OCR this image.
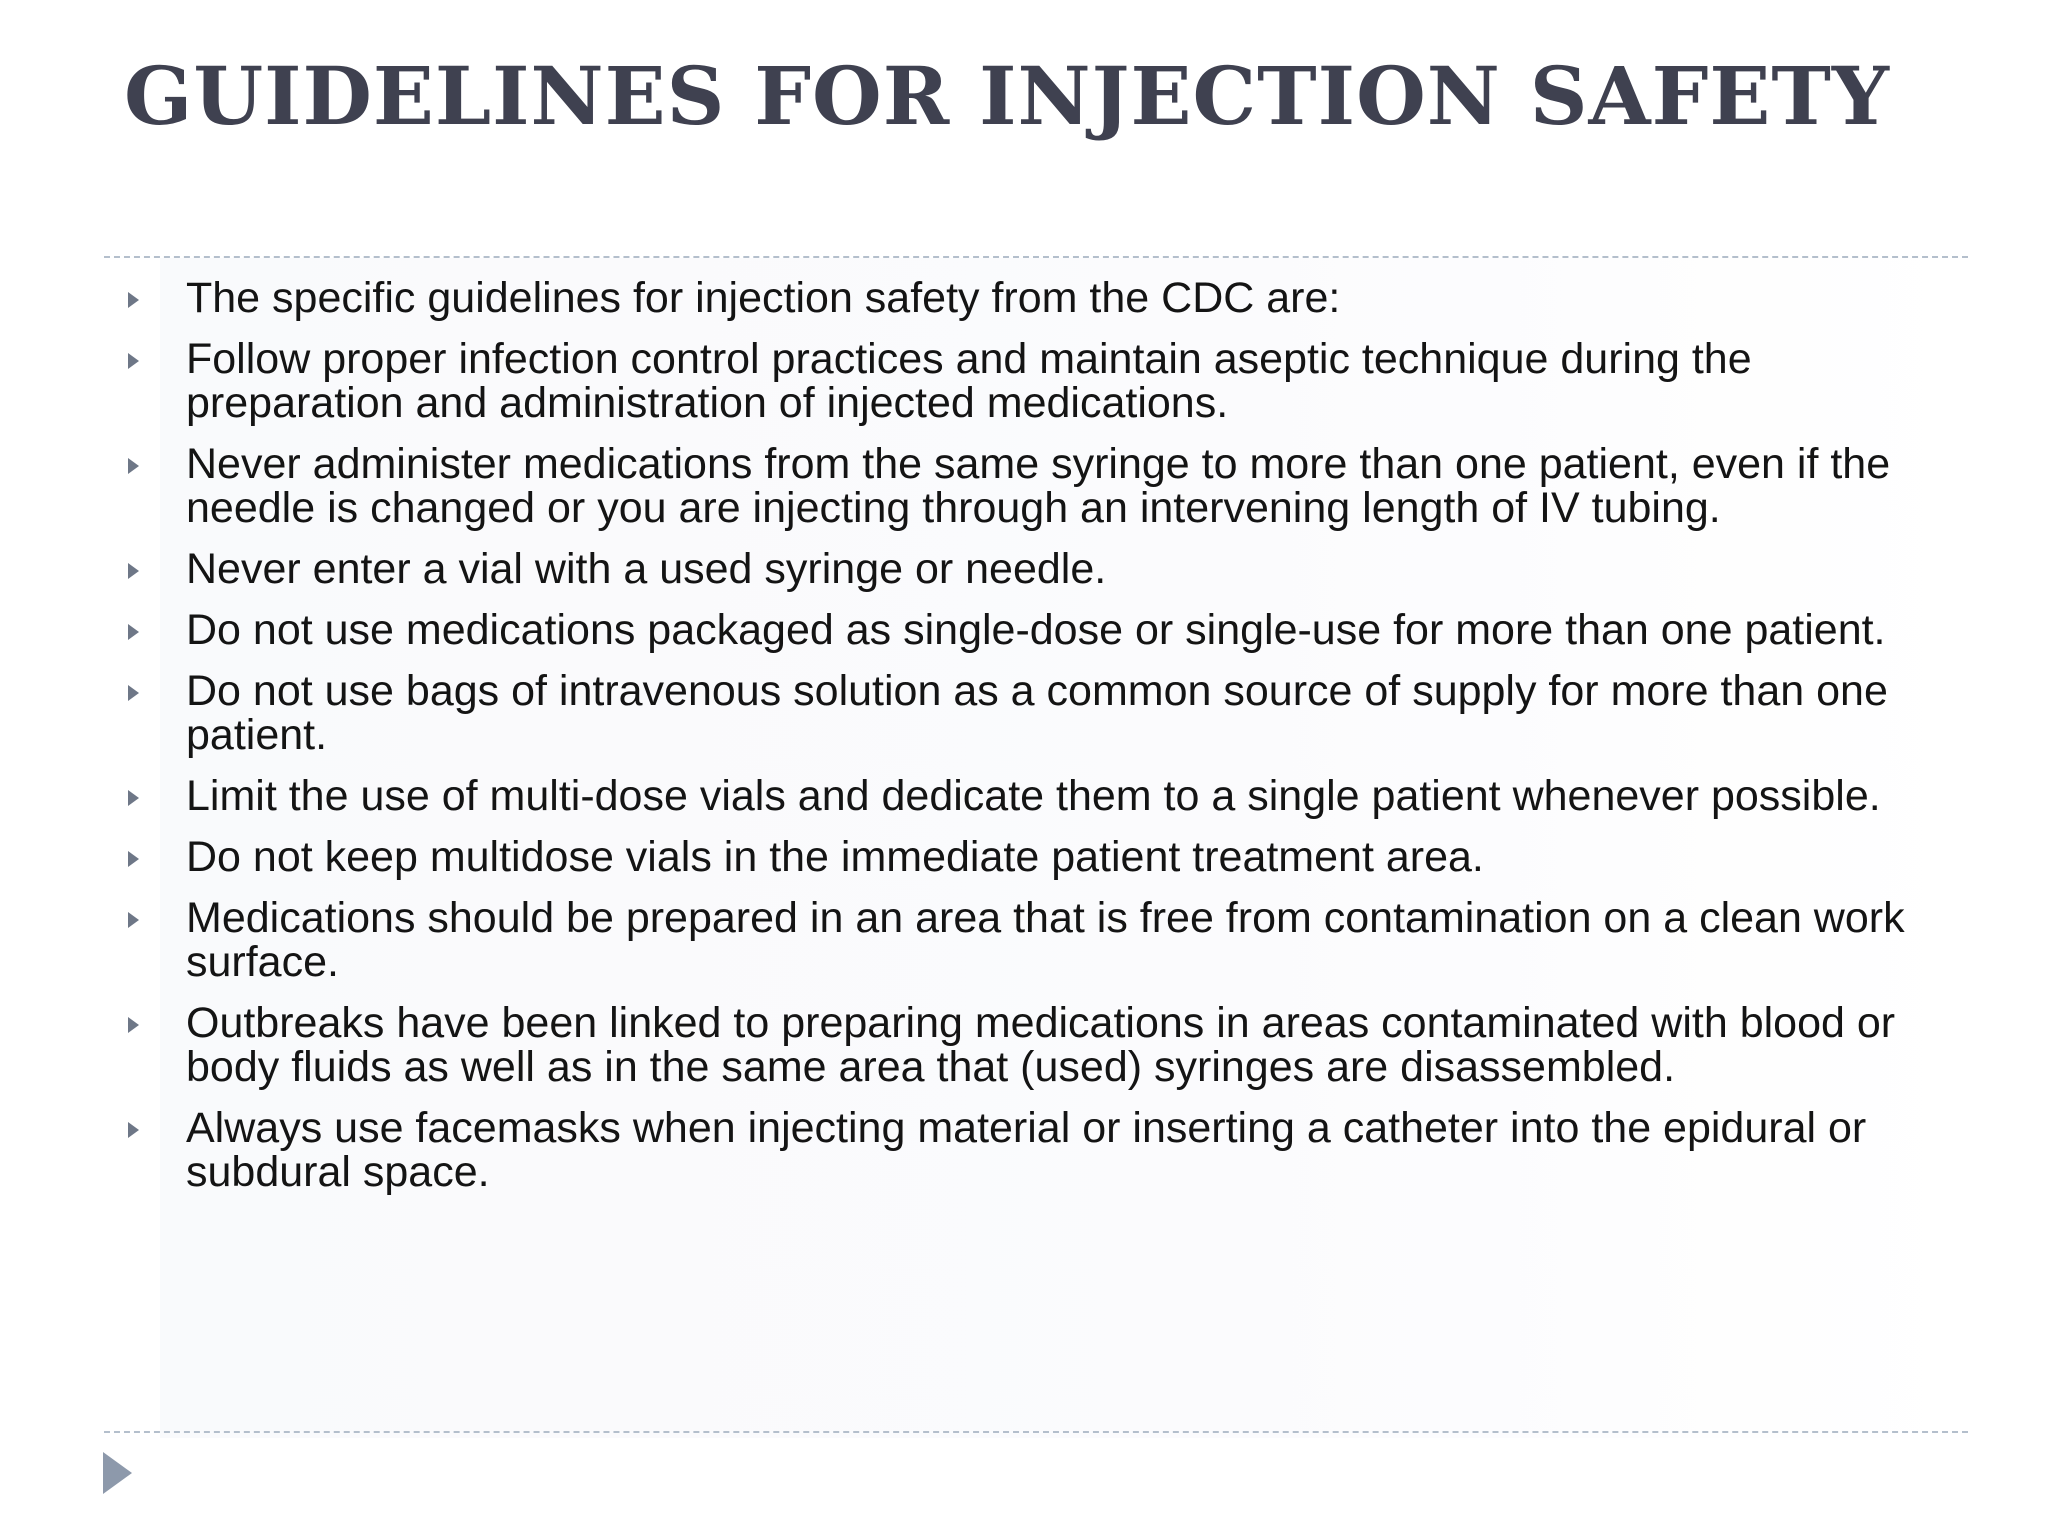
GUIDELINES FOR INJECTION SAFETY
The specific guidelines for injection safety from the CDC are:
Follow proper infection control practices and maintain aseptic technique during the preparation and administration of injected medications.
Never administer medications from the same syringe to more than one patient, even if the needle is changed or you are injecting through an intervening length of IV tubing.
Never enter a vial with a used syringe or needle.
Do not use medications packaged as single-dose or single-use for more than one patient.
Do not use bags of intravenous solution as a common source of supply for more than one patient.
Limit the use of multi-dose vials and dedicate them to a single patient whenever possible.
Do not keep multidose vials in the immediate patient treatment area.
Medications should be prepared in an area that is free from contamination on a clean work surface.
Outbreaks have been linked to preparing medications in areas contaminated with blood or body fluids as well as in the same area that (used) syringes are disassembled.
Always use facemasks when injecting material or inserting a catheter into the epidural or subdural space.
